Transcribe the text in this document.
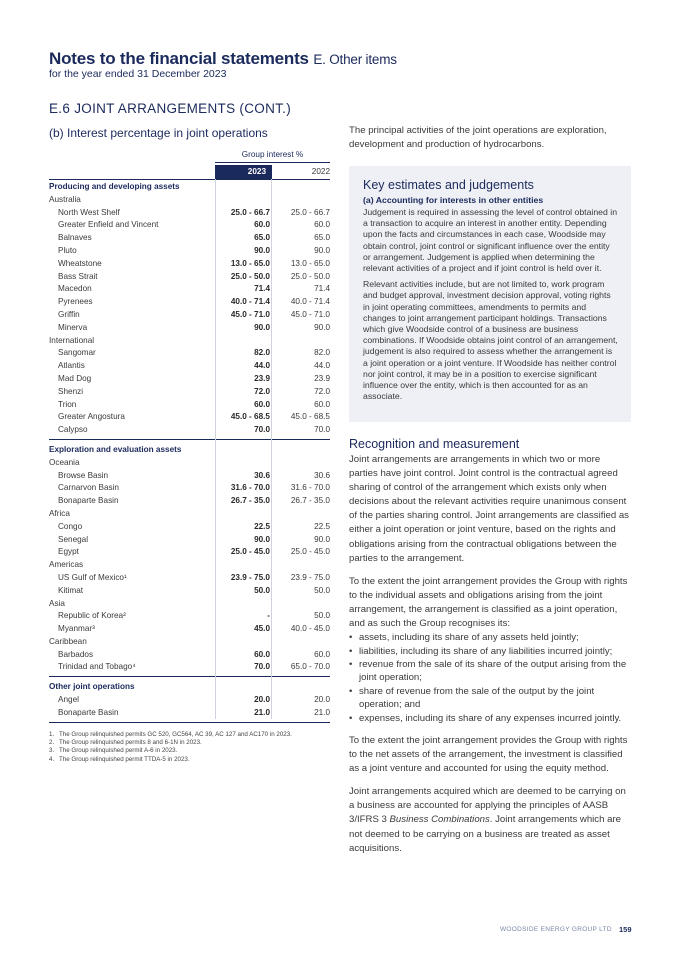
Notes to the financial statements E. Other items
for the year ended 31 December 2023
E.6 JOINT ARRANGEMENTS (CONT.)
(b) Interest percentage in joint operations
Group interest %
2023	2022
Producing and developing assets
Australia
North West Shelf	25.0 - 66.7	25.0 - 66.7
Greater Enfield and Vincent	60.0	60.0
Balnaves	65.0	65.0
Pluto	90.0	90.0
Wheatstone	13.0 - 65.0	13.0 - 65.0
Bass Strait	25.0 - 50.0	25.0 - 50.0
Macedon	71.4	71.4
Pyrenees	40.0 - 71.4	40.0 - 71.4
Griffin	45.0 - 71.0	45.0 - 71.0
Minerva	90.0	90.0
International
Sangomar	82.0	82.0
Atlantis	44.0	44.0
Mad Dog	23.9	23.9
Shenzi	72.0	72.0
Trion	60.0	60.0
Greater Angostura	45.0 - 68.5	45.0 - 68.5
Calypso	70.0	70.0
Exploration and evaluation assets
Oceania
Browse Basin	30.6	30.6
Carnarvon Basin	31.6 - 70.0	31.6 - 70.0
Bonaparte Basin	26.7 - 35.0	26.7 - 35.0
Africa
Congo	22.5	22.5
Senegal	90.0	90.0
Egypt	25.0 - 45.0	25.0 - 45.0
Americas
US Gulf of Mexico¹	23.9 - 75.0	23.9 - 75.0
Kitimat	50.0	50.0
Asia
Republic of Korea²	-	50.0
Myanmar³	45.0	40.0 - 45.0
Caribbean
Barbados	60.0	60.0
Trinidad and Tobago⁴	70.0	65.0 - 70.0
Other joint operations
Angel	20.0	20.0
Bonaparte Basin	21.0	21.0
1. The Group relinquished permits GC 520, GC564, AC 39, AC 127 and AC170 in 2023.
2. The Group relinquished permits 8 and 6-1N in 2023.
3. The Group relinquished permit A-6 in 2023.
4. The Group relinquished permit TTDA-5 in 2023.

The principal activities of the joint operations are exploration, development and production of hydrocarbons.

Key estimates and judgements
(a) Accounting for interests in other entities

Judgement is required in assessing the level of control obtained in a transaction to acquire an interest in another entity. Depending upon the facts and circumstances in each case, Woodside may obtain control, joint control or significant influence over the entity or arrangement. Judgement is applied when determining the relevant activities of a project and if joint control is held over it.

Relevant activities include, but are not limited to, work program and budget approval, investment decision approval, voting rights in joint operating committees, amendments to permits and changes to joint arrangement participant holdings. Transactions which give Woodside control of a business are business combinations. If Woodside obtains joint control of an arrangement, judgement is also required to assess whether the arrangement is a joint operation or a joint venture. If Woodside has neither control nor joint control, it may be in a position to exercise significant influence over the entity, which is then accounted for as an associate.

Recognition and measurement

Joint arrangements are arrangements in which two or more parties have joint control. Joint control is the contractual agreed sharing of control of the arrangement which exists only when decisions about the relevant activities require unanimous consent of the parties sharing control. Joint arrangements are classified as either a joint operation or joint venture, based on the rights and obligations arising from the contractual obligations between the parties to the arrangement.

To the extent the joint arrangement provides the Group with rights to the individual assets and obligations arising from the joint arrangement, the arrangement is classified as a joint operation, and as such the Group recognises its:

• assets, including its share of any assets held jointly;
• liabilities, including its share of any liabilities incurred jointly;
• revenue from the sale of its share of the output arising from the joint operation;
• share of revenue from the sale of the output by the joint operation; and
• expenses, including its share of any expenses incurred jointly.

To the extent the joint arrangement provides the Group with rights to the net assets of the arrangement, the investment is classified as a joint venture and accounted for using the equity method.

Joint arrangements acquired which are deemed to be carrying on a business are accounted for applying the principles of AASB 3/IFRS 3 Business Combinations. Joint arrangements which are not deemed to be carrying on a business are treated as asset acquisitions.

WOODSIDE ENERGY GROUP LTD 159
